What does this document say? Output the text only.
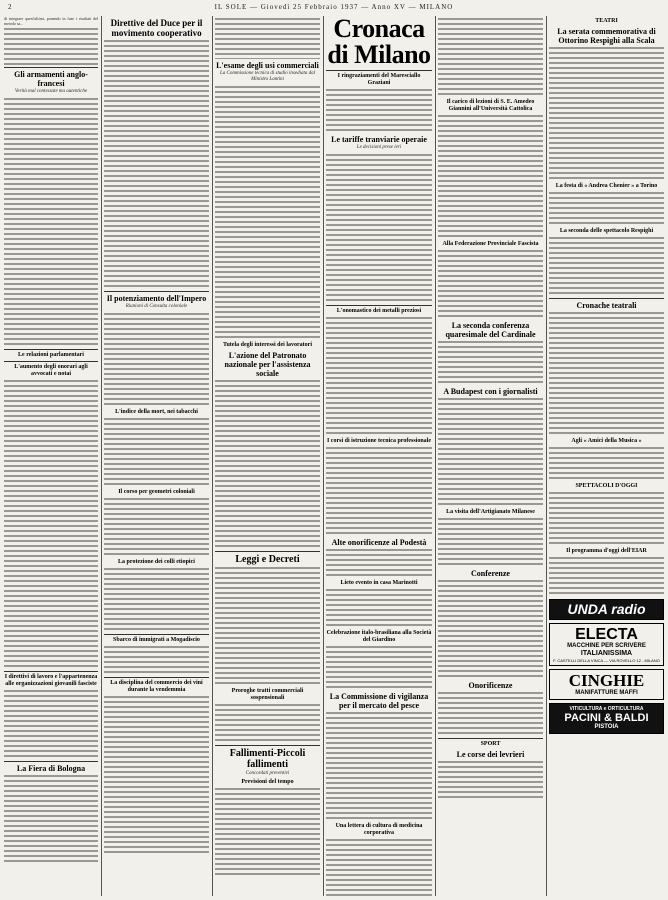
2	IL SOLE — Giovedì 25 Febbraio 1937 — Anno XV — MILANO
di integrare quest'ultimi, ponendo in fuse i risultati del metodo sa...
Gli armamenti anglo-francesi
Verità mal contessate ma autentiche
Le relazioni parlamentari
L'aumento degli onorari agli avvocati e notai
I direttivi di lavoro e l'appartenenza alle organizzazioni giovanili fasciste
La Fiera di Bologna
Direttive del Duce per il movimento cooperativo
Il potenziamento dell'Impero
Riunioni di Consulta coloniale
L'indice della mort, nei tabacchi
Il corso per geometri coloniali
La protezione dei colli etiopici
Sbarco di immigrati a Mogadiscio
La disciplina del commercio dei vini durante la vendemmia
L'esame degli usi commerciali
La Commissione tecnica di studio insediata dal Ministro Lantini
Tutela degli interessi dei lavoratori
L'azione del Patronato nazionale per l'assistenza sociale
Leggi e Decreti
Proroghe tratti commerciali sospensionali
Fallimenti-Piccoli fallimenti
Concordati preventivi
Previsioni del tempo
Cronaca di Milano
I ringraziamenti del Maresciallo Graziani
Le tariffe tranviarie operaie
Le decisioni prese ieri
L'onomastico dei metalli preziosi
I corsi di istruzione tecnica professionale
Alte onorificenze al Podestà
Lieto evento in casa Marinotti
Celebrazione italo-brasiliana alla Società del Giardino
La Commissione di vigilanza per il mercato del pesce
Una lettera di cultura di medicina corporativa
Il carico di lezioni di S. E. Amedeo Giannini all'Università Cattolica
Alla Federazione Provinciale Fascista
La seconda conferenza quaresimale del Cardinale
A Budapest con i giornalisti
La visita dell'Artigianato Milanese
Conferenze
Onorificenze
SPORT
Le corse dei levrieri
TEATRI
La serata commemorativa di Ottorino Respighi alla Scala
La festa di « Andrea Chenier » a Torino
La seconda delle spettacolo Respighi
Cronache teatrali
Agli « Amici della Musica »
SPETTACOLI D'OGGI
Il programma d'oggi dell'EIAR
UNDA radio
ELECTA
MACCHINE PER SCRIVERE
ITALIANISSIMA
F. CASTELLI DELLA VINCA — VIA ROVELLO 12 - MILANO
CINGHIE
MANIFATTURE MAFFI
VITICULTURA e ORTICULTURA
PACINI & BALDI
PISTOIA
